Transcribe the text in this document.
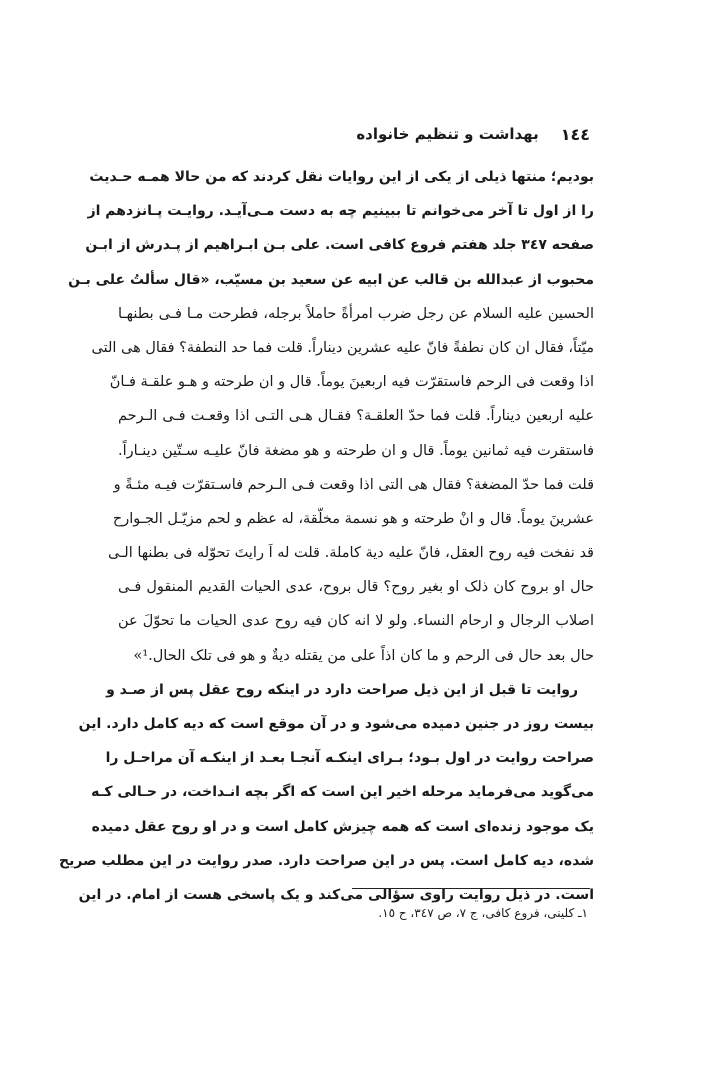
١٤٤
بهداشت و تنظیم خانواده
بودیم؛ منتها ذیلی از یکی از این روایات نقل کردند که من حالا همـه حـدیث
را از اول تا آخر می‌خوانم تا ببینیم چه به دست مـی‌آیـد. روایـت پـانزدهم از
صفحه ٣٤٧ جلد هفتم فروع کافی است. علی بـن ابـراهیم از پـدرش از ابـن
محبوب از عبدالله بن قالب عن ابیه عن سعید بن مسیّب، «قال سألتُ علی بـن
الحسین علیه السلام عن رجل ضرب امرأةً حاملاً برجله، فطرحت مـا فـی بطنهـا
میّتاً، فقال ان کان نطفةً فانّ علیه عشرین دیناراً. قلت فما حد النطفة؟ فقال هی التی
اذا وقعت فی الرحم فاستقرّت فیه اربعینَ یوماً. قال و ان طرحته و هـو علقـة فـانّ
علیه اربعین دیناراً. قلت فما حدّ العلقـة؟ فقـال هـی التـی اذا وقعـت فـی الـرحم
فاستقرت فیه ثمانین یوماً. قال و ان طرحته و هو مضغة فانّ علیـه سـتّین دینـاراً.
قلت فما حدّ المضغة؟ فقال هی التی اذا وقعت فـی الـرحم فاسـتقرّت فیـه مئـةً و
عشرینَ یوماً. قال و انْ طرحته و هو نسمة مخلّقة، له عظم و لحم مزیّـل الجـوارح
قد نفخت فیه روح العقل، فانّ علیه دیة کاملة. قلت له اَ رایتَ تحوّله فی بطنها الـی
حال او بروح کان ذلک او بغیر روح؟ قال بروح، عدی الحیات القدیم المنقول فـی
اصلاب الرجال و ارحام النساء. ولو لا انه کان فیه روح عدی الحیات ما تحوّلَ عن
حال بعد حال فی الرحم و ما کان اذاً علی من یقتله دیةٌ و هو فی تلک الحال.¹»
روایت تا قبل از این ذیل صراحت دارد در اینکه روح عقل پس از صـد و
بیست روز در جنین دمیده می‌شود و در آن موقع است که دیه کامل دارد. این
صراحت روایت در اول بـود؛ بـرای اینکـه آنجـا بعـد از اینکـه آن مراحـل را
می‌گوید می‌فرماید مرحله اخیر این است که اگر بچه انـداخت، در حـالی کـه
یک موجود زنده‌ای است که همه چیزش کامل است و در او روح عقل دمیده
شده، دیه کامل است. پس در این صراحت دارد. صدر روایت در این مطلب صریح
است. در ذیل روایت راوی سؤالی می‌کند و یک پاسخی هست از امام. در این
١ـ کلینی، فروع کافی، ج ٧، ص ٣٤٧، ح ١٥.
